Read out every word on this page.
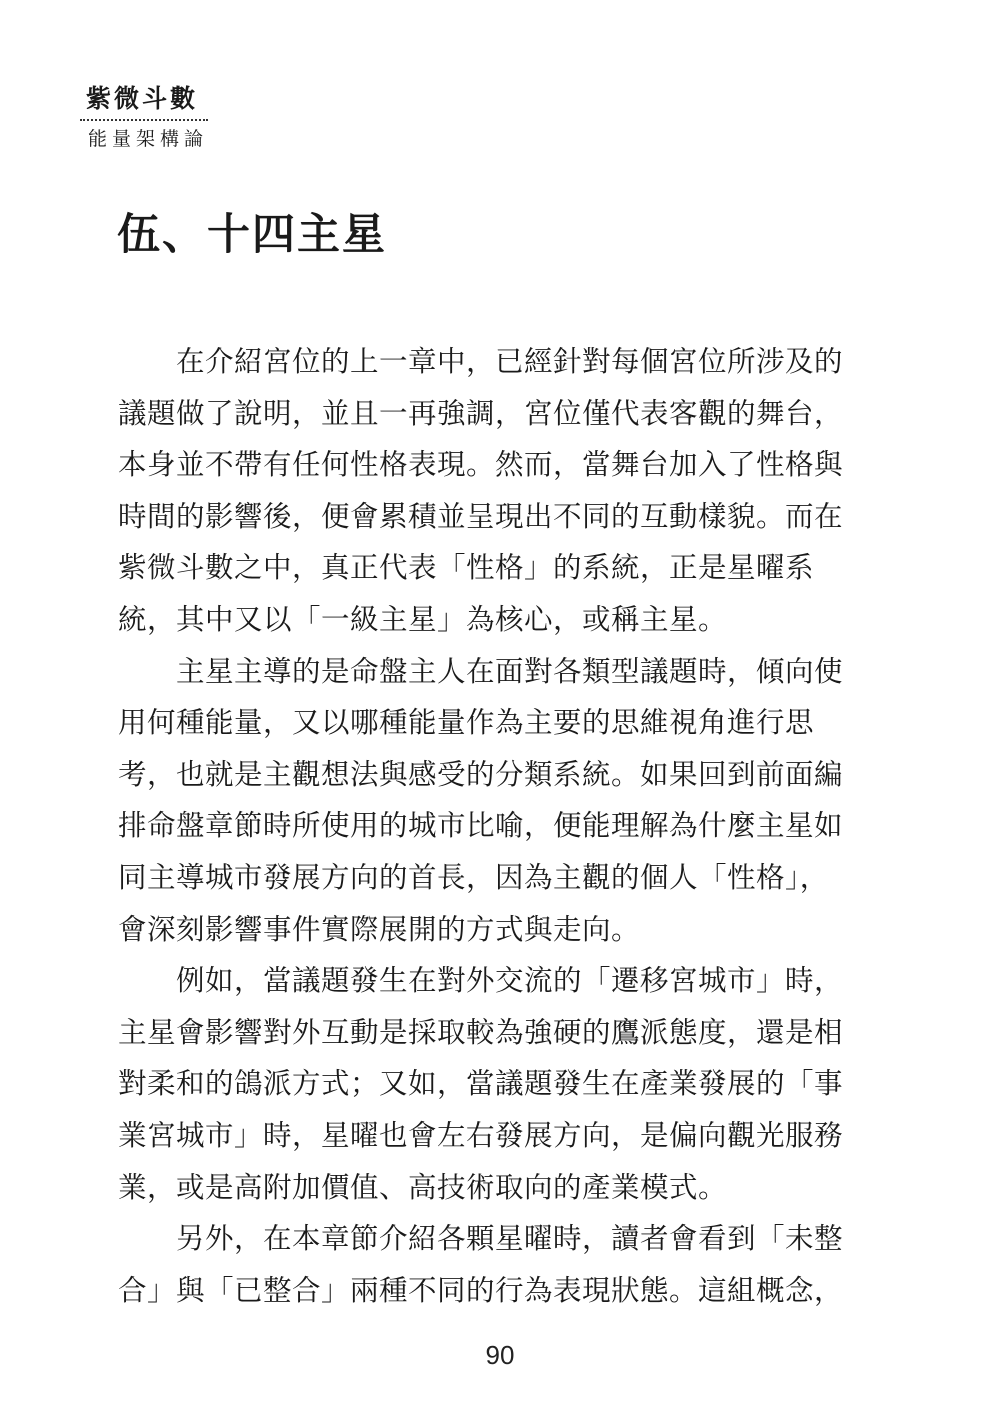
紫微斗數
能量架構論
伍、十四主星
在介紹宮位的上一章中，已經針對每個宮位所涉及的
議題做了說明，並且一再強調，宮位僅代表客觀的舞台，
本身並不帶有任何性格表現。然而，當舞台加入了性格與
時間的影響後，便會累積並呈現出不同的互動樣貌。而在
紫微斗數之中，真正代表「性格」的系統，正是星曜系
統，其中又以「一級主星」為核心，或稱主星。
主星主導的是命盤主人在面對各類型議題時，傾向使
用何種能量，又以哪種能量作為主要的思維視角進行思
考，也就是主觀想法與感受的分類系統。如果回到前面編
排命盤章節時所使用的城市比喻，便能理解為什麼主星如
同主導城市發展方向的首長，因為主觀的個人「性格」，
會深刻影響事件實際展開的方式與走向。
例如，當議題發生在對外交流的「遷移宮城市」時，
主星會影響對外互動是採取較為強硬的鷹派態度，還是相
對柔和的鴿派方式；又如，當議題發生在產業發展的「事
業宮城市」時，星曜也會左右發展方向，是偏向觀光服務
業，或是高附加價值、高技術取向的產業模式。
另外，在本章節介紹各顆星曜時，讀者會看到「未整
合」與「已整合」兩種不同的行為表現狀態。這組概念，
90
